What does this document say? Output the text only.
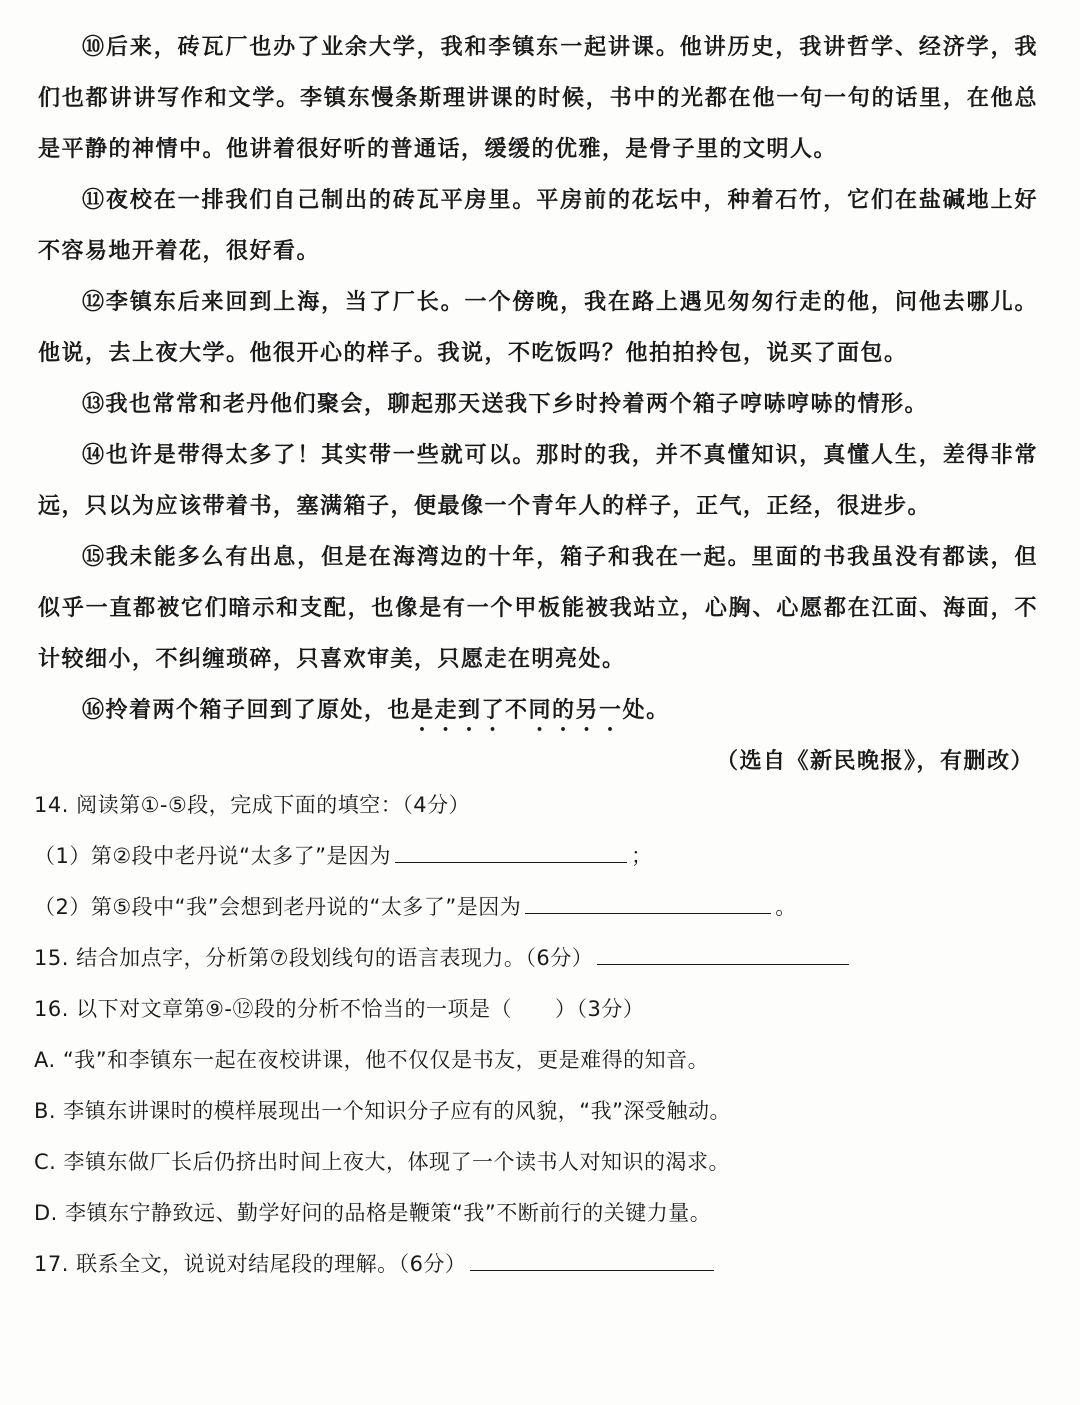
⑩后来，砖瓦厂也办了业余大学，我和李镇东一起讲课。他讲历史，我讲哲学、经济学，我们也都讲讲写作和文学。李镇东慢条斯理讲课的时候，书中的光都在他一句一句的话里，在他总是平静的神情中。他讲着很好听的普通话，缓缓的优雅，是骨子里的文明人。

⑪夜校在一排我们自己制出的砖瓦平房里。平房前的花坛中，种着石竹，它们在盐碱地上好不容易地开着花，很好看。

⑫李镇东后来回到上海，当了厂长。一个傍晚，我在路上遇见匆匆行走的他，问他去哪儿。他说，去上夜大学。他很开心的样子。我说，不吃饭吗？他拍拍拎包，说买了面包。

⑬我也常常和老丹他们聚会，聊起那天送我下乡时拎着两个箱子哼哧哼哧的情形。

⑭也许是带得太多了！其实带一些就可以。那时的我，并不真懂知识，真懂人生，差得非常远，只以为应该带着书，塞满箱子，便最像一个青年人的样子，正气，正经，很进步。

⑮我未能多么有出息，但是在海湾边的十年，箱子和我在一起。里面的书我虽没有都读，但似乎一直都被它们暗示和支配，也像是有一个甲板能被我站立，心胸、心愿都在江面、海面，不计较细小，不纠缠琐碎，只喜欢审美，只愿走在明亮处。

⑯拎着两个箱子回到了原处，也是走到了不同的另一处。

（选自《新民晚报》，有删改）

14. 阅读第①-⑤段，完成下面的填空：（4分）

（1）第②段中老丹说“太多了”是因为	；

（2）第⑤段中“我”会想到老丹说的“太多了”是因为	。

15. 结合加点字，分析第⑦段划线句的语言表现力。（6分）

16. 以下对文章第⑨-⑫段的分析不恰当的一项是（　　）（3分）

A. “我”和李镇东一起在夜校讲课，他不仅仅是书友，更是难得的知音。

B. 李镇东讲课时的模样展现出一个知识分子应有的风貌，“我”深受触动。

C. 李镇东做厂长后仍挤出时间上夜大，体现了一个读书人对知识的渴求。

D. 李镇东宁静致远、勤学好问的品格是鞭策“我”不断前行的关键力量。

17. 联系全文，说说对结尾段的理解。（6分）
